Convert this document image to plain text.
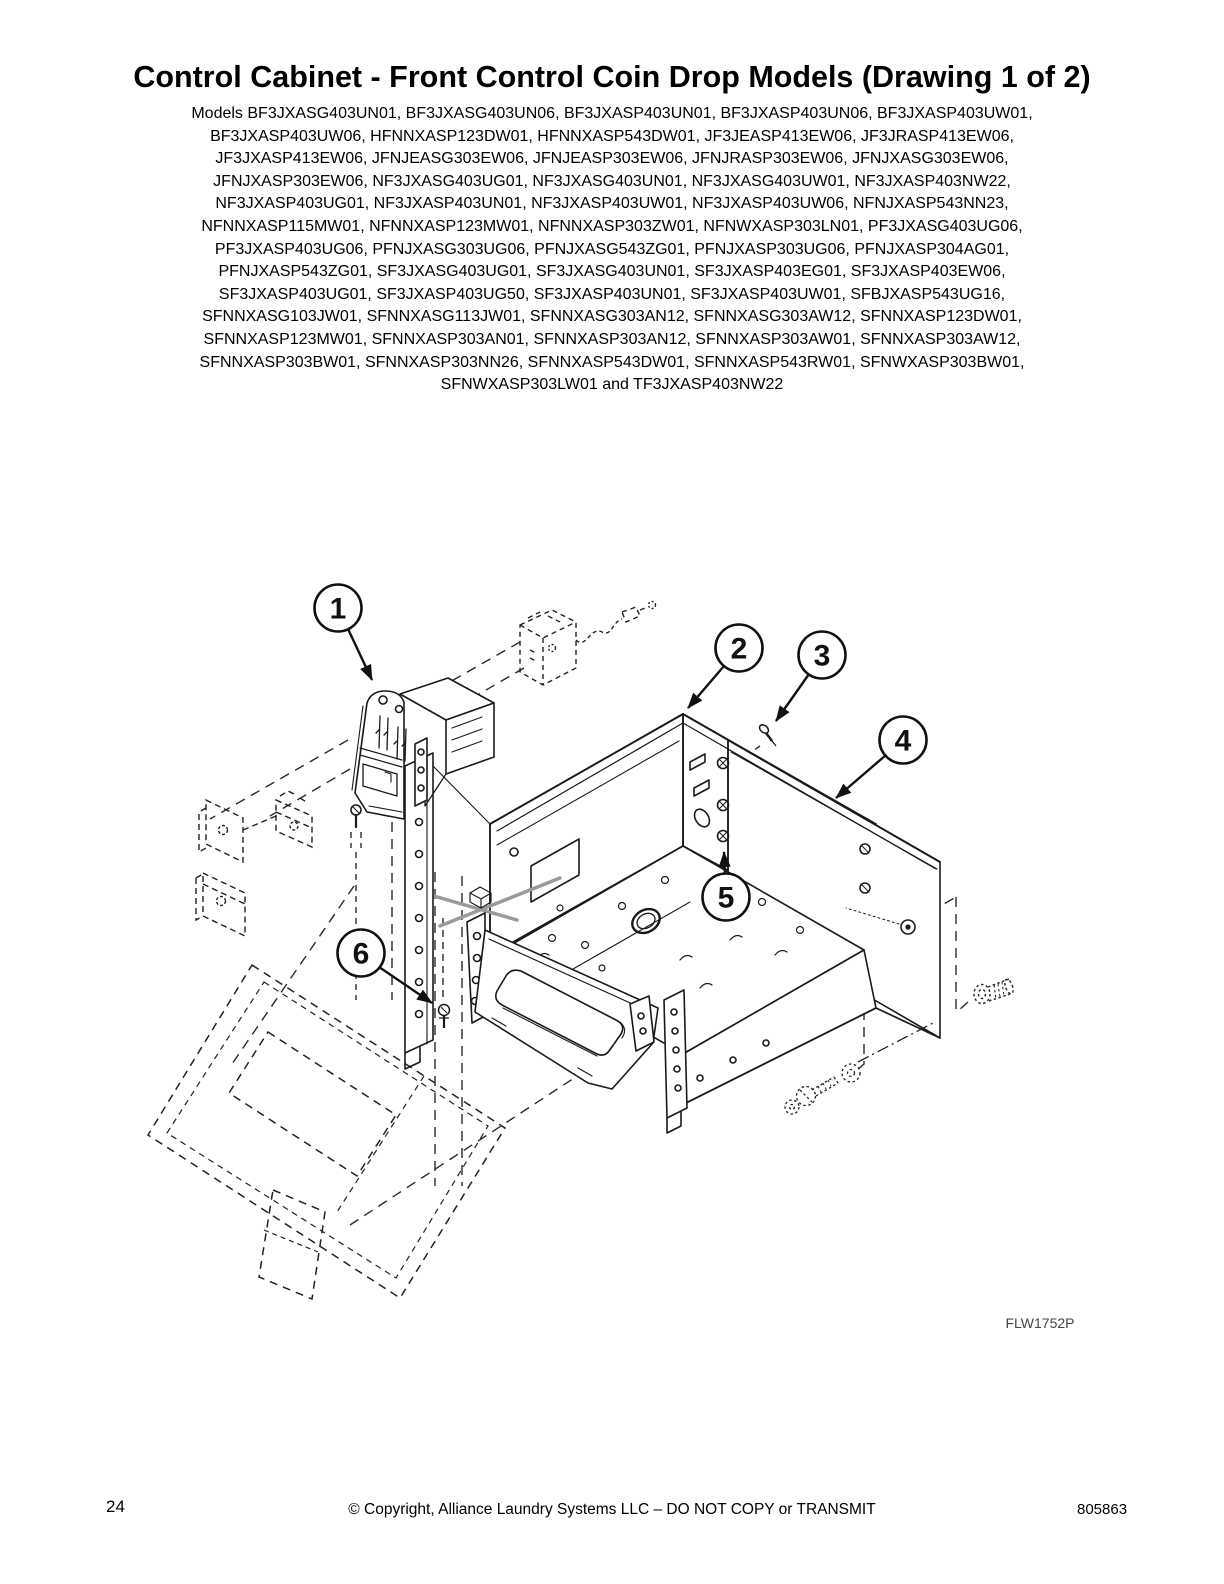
Control Cabinet - Front Control Coin Drop Models (Drawing 1 of 2)
Models BF3JXASG403UN01, BF3JXASG403UN06, BF3JXASP403UN01, BF3JXASP403UN06, BF3JXASP403UW01,
BF3JXASP403UW06, HFNNXASP123DW01, HFNNXASP543DW01, JF3JEASP413EW06, JF3JRASP413EW06,
JF3JXASP413EW06, JFNJEASG303EW06, JFNJEASP303EW06, JFNJRASP303EW06, JFNJXASG303EW06,
JFNJXASP303EW06, NF3JXASG403UG01, NF3JXASG403UN01, NF3JXASG403UW01, NF3JXASP403NW22,
NF3JXASP403UG01, NF3JXASP403UN01, NF3JXASP403UW01, NF3JXASP403UW06, NFNJXASP543NN23,
NFNNXASP115MW01, NFNNXASP123MW01, NFNNXASP303ZW01, NFNWXASP303LN01, PF3JXASG403UG06,
PF3JXASP403UG06, PFNJXASG303UG06, PFNJXASG543ZG01, PFNJXASP303UG06, PFNJXASP304AG01,
PFNJXASP543ZG01, SF3JXASG403UG01, SF3JXASG403UN01, SF3JXASP403EG01, SF3JXASP403EW06,
SF3JXASP403UG01, SF3JXASP403UG50, SF3JXASP403UN01, SF3JXASP403UW01, SFBJXASP543UG16,
SFNNXASG103JW01, SFNNXASG113JW01, SFNNXASG303AN12, SFNNXASG303AW12, SFNNXASP123DW01,
SFNNXASP123MW01, SFNNXASP303AN01, SFNNXASP303AN12, SFNNXASP303AW01, SFNNXASP303AW12,
SFNNXASP303BW01, SFNNXASP303NN26, SFNNXASP543DW01, SFNNXASP543RW01, SFNWXASP303BW01,
SFNWXASP303LW01 and TF3JXASP403NW22
1
2 3
4
5
6
FLW1752P
24	© Copyright, Alliance Laundry Systems LLC – DO NOT COPY or TRANSMIT	805863
